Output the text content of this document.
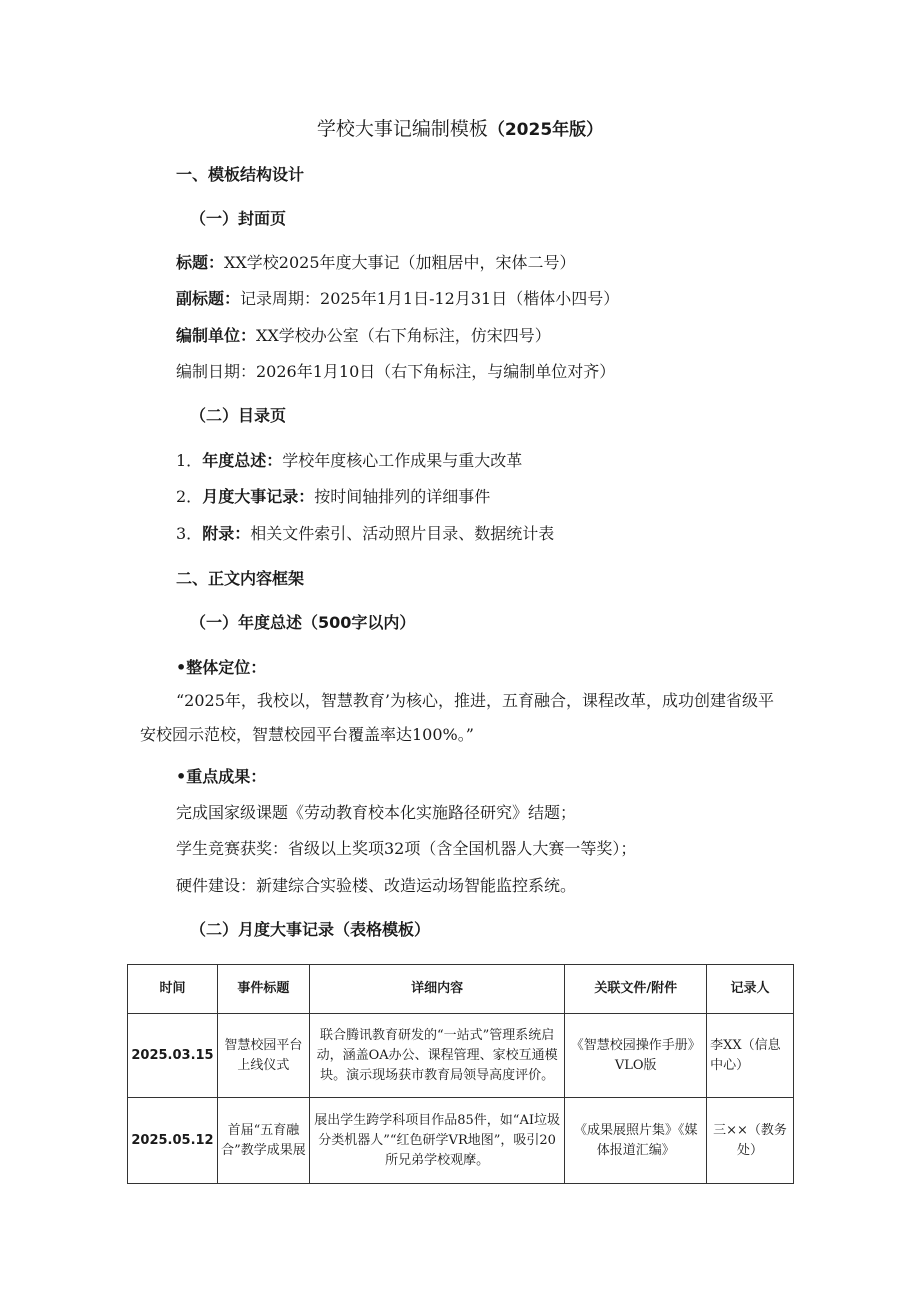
学校大事记编制模板（2025年版）
一、模板结构设计
（一）封面页
标题：XX学校2025年度大事记（加粗居中，宋体二号）
副标题：记录周期：2025年1月1日-12月31日（楷体小四号）
编制单位：XX学校办公室（右下角标注，仿宋四号）
编制日期：2026年1月10日（右下角标注，与编制单位对齐）
（二）目录页
1．年度总述：学校年度核心工作成果与重大改革
2．月度大事记录：按时间轴排列的详细事件
3．附录：相关文件索引、活动照片目录、数据统计表
二、正文内容框架
（一）年度总述（500字以内）
•整体定位：
“2025年，我校以，智慧教育’为核心，推进，五育融合，课程改革，成功创建省级平安校园示范校，智慧校园平台覆盖率达100%。”
•重点成果：
完成国家级课题《劳动教育校本化实施路径研究》结题；
学生竞赛获奖：省级以上奖项32项（含全国机器人大赛一等奖）；
硬件建设：新建综合实验楼、改造运动场智能监控系统。
（二）月度大事记录（表格模板）
时间	事件标题	详细内容	关联文件/附件	记录人
2025.03.15	智慧校园平台上线仪式	联合腾讯教育研发的“一站式”管理系统启动，涵盖OA办公、课程管理、家校互通模块。演示现场获市教育局领导高度评价。	《智慧校园操作手册》VLO版	李XX（信息中心）
2025.05.12	首届“五育融合”教学成果展	展出学生跨学科项目作品85件，如“AI垃圾分类机器人”“红色研学VR地图”，吸引20所兄弟学校观摩。	《成果展照片集》《媒体报道汇编》	三××（教务处）
